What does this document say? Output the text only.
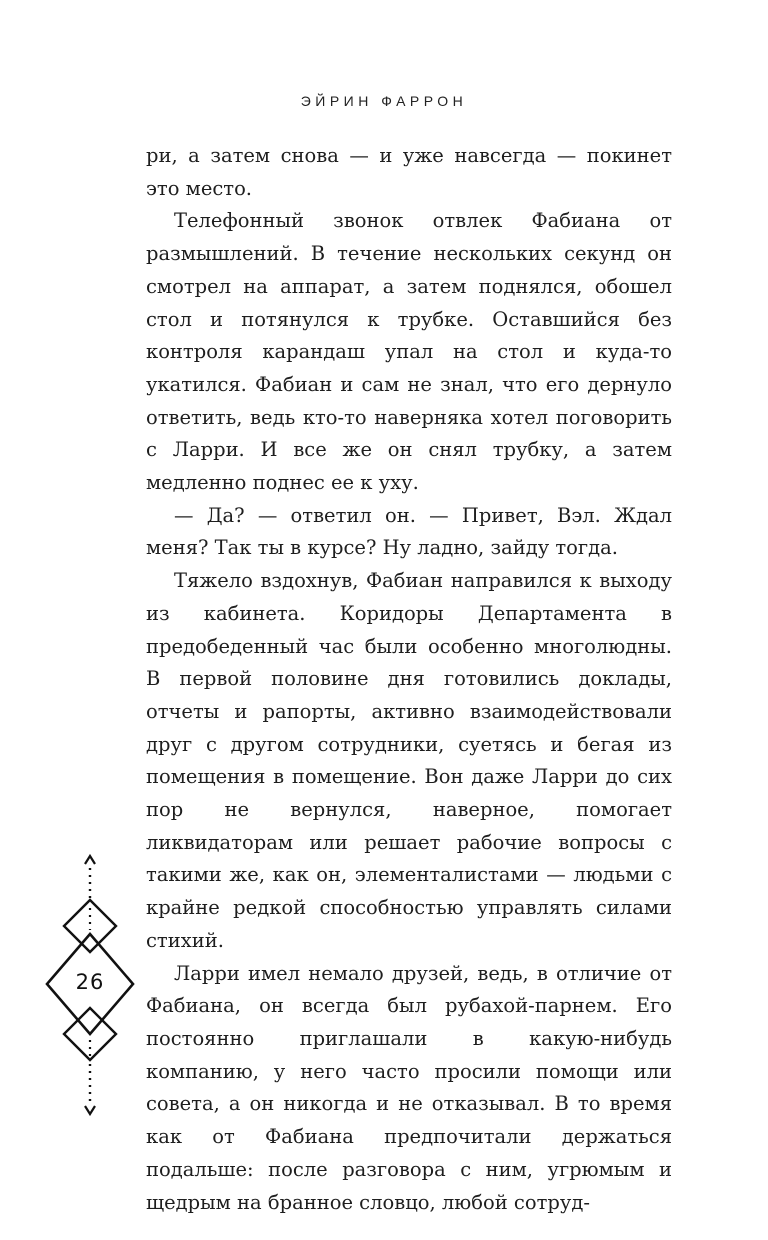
ЭЙРИН ФАРРОН

ри, а затем снова — и уже навсегда — покинет это место.

Телефонный звонок отвлек Фабиана от размышлений. В течение нескольких секунд он смотрел на аппарат, а затем поднялся, обошел стол и потянулся к трубке. Оставшийся без контроля карандаш упал на стол и куда-то укатился. Фабиан и сам не знал, что его дернуло ответить, ведь кто-то наверняка хотел поговорить с Ларри. И все же он снял трубку, а затем медленно поднес ее к уху.

— Да? — ответил он. — Привет, Вэл. Ждал меня? Так ты в курсе? Ну ладно, зайду тогда.

Тяжело вздохнув, Фабиан направился к выходу из кабинета. Коридоры Департамента в предобеденный час были особенно многолюдны. В первой половине дня готовились доклады, отчеты и рапорты, активно взаимодействовали друг с другом сотрудники, суетясь и бегая из помещения в помещение. Вон даже Ларри до сих пор не вернулся, наверное, помогает ликвидаторам или решает рабочие вопросы с такими же, как он, элементалистами — людьми с крайне редкой способностью управлять силами стихий.

Ларри имел немало друзей, ведь, в отличие от Фабиана, он всегда был рубахой-парнем. Его постоянно приглашали в какую-нибудь компанию, у него часто просили помощи или совета, а он никогда и не отказывал. В то время как от Фабиана предпочитали держаться подальше: после разговора с ним, угрюмым и щедрым на бранное словцо, любой сотруд-

26
